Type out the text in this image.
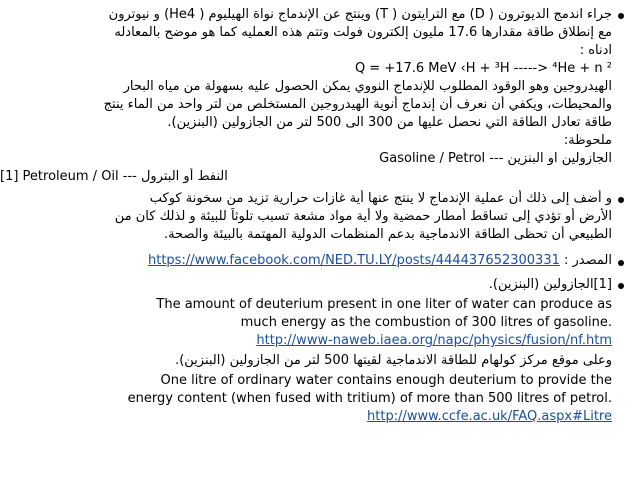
جراء اندمج الديوترون ( D) مع الترايتون ( T) وينتج عن الإندماج نواة الهيليوم ( He4) و نيوترون
مع إنطلاق طاقة مقدارها 17.6 مليون إلكترون فولت وتتم هذه العمليه كما هو موضح بالمعادله
ادناه :
Q = +17.6 MeV ‹H + ³H -----> ⁴He + n ²
الهيدروجين وهو الوقود المطلوب للإندماج النووي يمكن الحصول عليه بسهولة من مياه البحار
والمحيطات، ويكفي أن نعرف أن إندماج أنوية الهيدروجين المستخلص من لتر واحد من الماء ينتج
طاقة تعادل الطاقة التي نحصل عليها من 300 الى 500 لتر من الجازولين (البنزين).
ملحوظة:
الجازولين او البنزين --- Gasoline / Petrol
[1] Petroleum / Oil --- النفط أو البترول
و أضف إلى ذلك أن عملية الإندماج لا ينتج عنها أية غازات حرارية تزيد من سخونة كوكب
الأرض أو تؤدي إلى تساقط أمطار حمضية ولا أية مواد مشعة تسبب تلوثاً للبيئة و لذلك كان من
الطبيعي أن تحظى الطاقة الاندماجية بدعم المنظمات الدولية المهتمة بالبيئة والصحة.
https://www.facebook.com/NED.TU.LY/posts/444437652300331 المصدر :
[1]الجازولين (البنزين).
The amount of deuterium present in one liter of water can produce as
much energy as the combustion of 300 litres of gasoline.
http://www-naweb.iaea.org/napc/physics/fusion/nf.htm
وعلى موقع مركز كولهام للطاقة الاندماجية لقيتها 500 لتر من الجازولين (البنزين).
One litre of ordinary water contains enough deuterium to provide the
energy content (when fused with tritium) of more than 500 litres of petrol.
http://www.ccfe.ac.uk/FAQ.aspx#Litre
